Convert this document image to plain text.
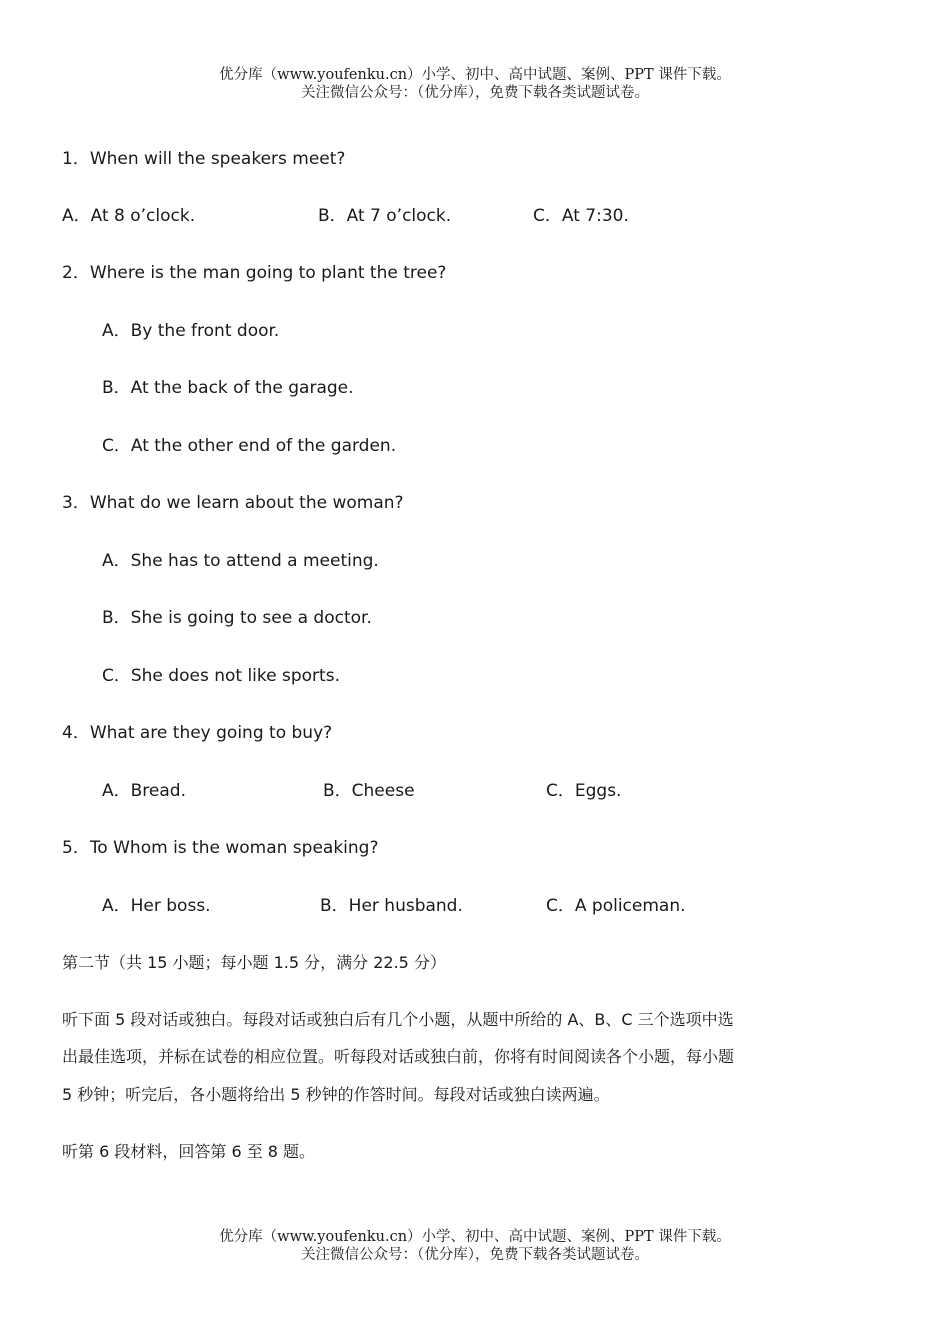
优分库（www.youfenku.cn）小学、初中、高中试题、案例、PPT 课件下载。
关注微信公众号：（优分库），免费下载各类试题试卷。
1．When will the speakers meet?
A．At 8 o’clock.	B．At 7 o’clock.	C．At 7:30.
2．Where is the man going to plant the tree?
A．By the front door.
B．At the back of the garage.
C．At the other end of the garden.
3．What do we learn about the woman?
A．She has to attend a meeting.
B．She is going to see a doctor.
C．She does not like sports.
4．What are they going to buy?
A．Bread.	B．Cheese	C．Eggs.
5．To Whom is the woman speaking?
A．Her boss.	B．Her husband.	C．A policeman.
第二节（共 15 小题；每小题 1.5 分，满分 22.5 分）
听下面 5 段对话或独白。每段对话或独白后有几个小题，从题中所给的 A、B、C 三个选项中选
出最佳选项，并标在试卷的相应位置。听每段对话或独白前，你将有时间阅读各个小题，每小题
5 秒钟；听完后，各小题将给出 5 秒钟的作答时间。每段对话或独白读两遍。
听第 6 段材料，回答第 6 至 8 题。
优分库（www.youfenku.cn）小学、初中、高中试题、案例、PPT 课件下载。
关注微信公众号：（优分库），免费下载各类试题试卷。
